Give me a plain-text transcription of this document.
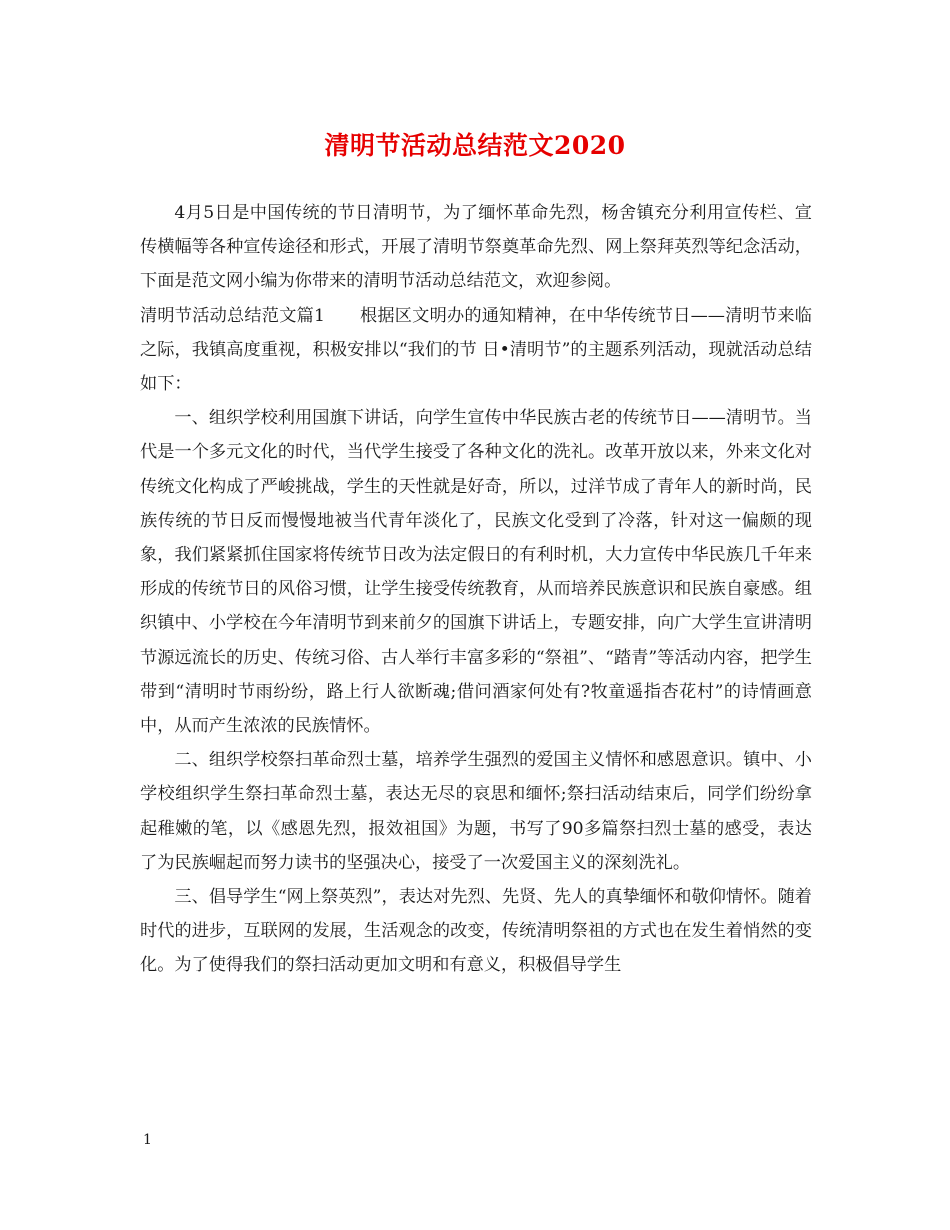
清明节活动总结范文2020

4月5日是中国传统的节日清明节，为了缅怀革命先烈，杨舍镇充分利用宣传栏、宣传横幅等各种宣传途径和形式，开展了清明节祭奠革命先烈、网上祭拜英烈等纪念活动，下面是范文网小编为你带来的清明节活动总结范文，欢迎参阅。

清明节活动总结范文篇1　　根据区文明办的通知精神，在中华传统节日——清明节来临之际，我镇高度重视，积极安排以“我们的节 日•清明节”的主题系列活动，现就活动总结如下：

一、组织学校利用国旗下讲话，向学生宣传中华民族古老的传统节日——清明节。当代是一个多元文化的时代，当代学生接受了各种文化的洗礼。改革开放以来，外来文化对传统文化构成了严峻挑战，学生的天性就是好奇，所以，过洋节成了青年人的新时尚，民族传统的节日反而慢慢地被当代青年淡化了，民族文化受到了冷落，针对这一偏颇的现象，我们紧紧抓住国家将传统节日改为法定假日的有利时机，大力宣传中华民族几千年来形成的传统节日的风俗习惯，让学生接受传统教育，从而培养民族意识和民族自豪感。组织镇中、小学校在今年清明节到来前夕的国旗下讲话上，专题安排，向广大学生宣讲清明节源远流长的历史、传统习俗、古人举行丰富多彩的“祭祖”、“踏青”等活动内容，把学生带到“清明时节雨纷纷，路上行人欲断魂;借问酒家何处有?牧童遥指杏花村”的诗情画意中，从而产生浓浓的民族情怀。

二、组织学校祭扫革命烈士墓，培养学生强烈的爱国主义情怀和感恩意识。镇中、小学校组织学生祭扫革命烈士墓，表达无尽的哀思和缅怀;祭扫活动结束后，同学们纷纷拿起稚嫩的笔，以《感恩先烈，报效祖国》为题，书写了90多篇祭扫烈士墓的感受，表达了为民族崛起而努力读书的坚强决心，接受了一次爱国主义的深刻洗礼。

三、倡导学生“网上祭英烈”，表达对先烈、先贤、先人的真挚缅怀和敬仰情怀。随着时代的进步，互联网的发展，生活观念的改变，传统清明祭祖的方式也在发生着悄然的变化。为了使得我们的祭扫活动更加文明和有意义，积极倡导学生

1
